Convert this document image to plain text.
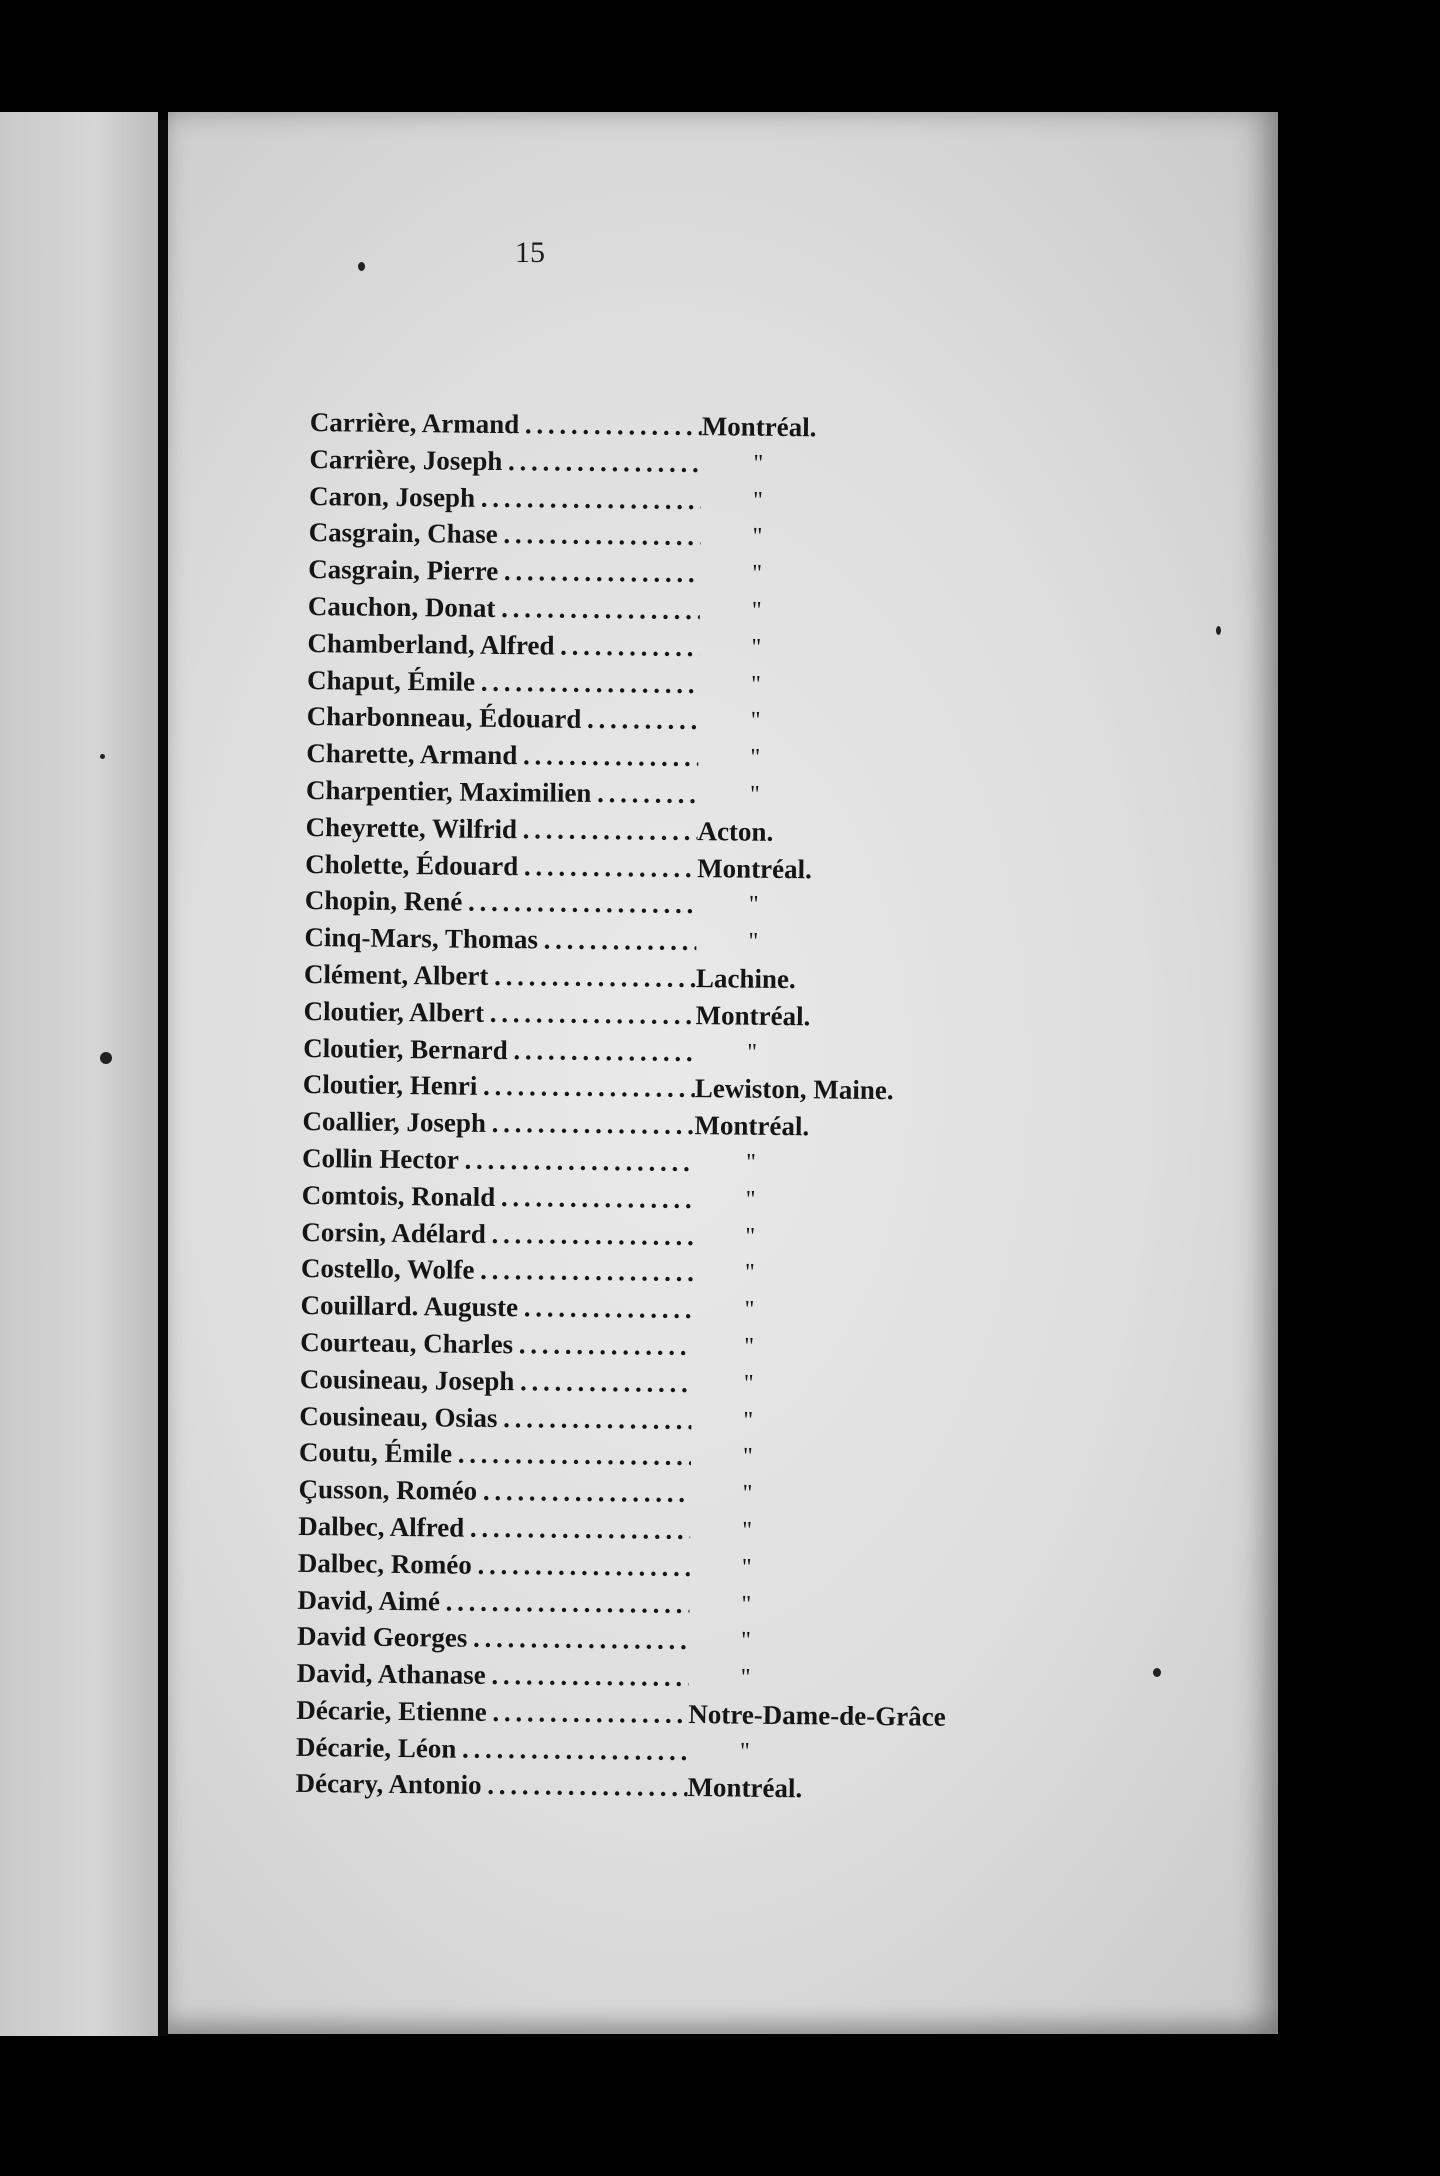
15

Carrière, Armand . . .	Montréal.
Carrière, Joseph . . .	"
Caron, Joseph . . .	"
Casgrain, Chase . . .	"
Casgrain, Pierre . . .	"
Cauchon, Donat . . .	"
Chamberland, Alfred . . .	"
Chaput, Émile . . .	"
Charbonneau, Édouard . . .	"
Charette, Armand . . .	"
Charpentier, Maximilien . . .	"
Cheyrette, Wilfrid . . .	Acton.
Cholette, Édouard . . .	Montréal.
Chopin, René . . .	"
Cinq-Mars, Thomas . . .	"
Clément, Albert . . .	Lachine.
Cloutier, Albert . . .	Montréal.
Cloutier, Bernard . . .	"
Cloutier, Henri . . .	Lewiston, Maine.
Coallier, Joseph . . .	Montréal.
Collin Hector . . .	"
Comtois, Ronald . . .	"
Corsin, Adélard . . .	"
Costello, Wolfe . . .	"
Couillard. Auguste . . .	"
Courteau, Charles . . .	"
Cousineau, Joseph . . .	"
Cousineau, Osias . . .	"
Coutu, Émile . . .	"
Çusson, Roméo . . .	"
Dalbec, Alfred . . .	"
Dalbec, Roméo . . .	"
David, Aimé . . .	"
David Georges . . .	"
David, Athanase . . .	"
Décarie, Etienne . . .	Notre-Dame-de-Grâce
Décarie, Léon . . .	"
Décary, Antonio . . .	Montréal.
